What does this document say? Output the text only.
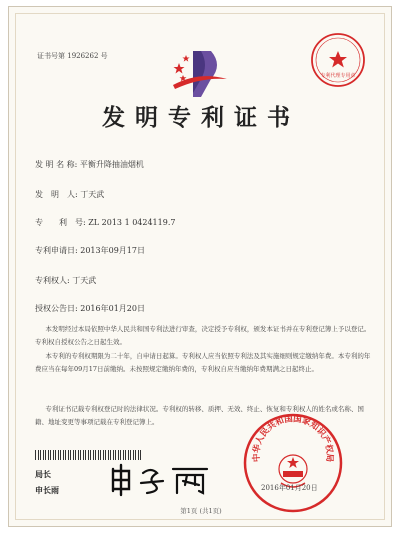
证书号第 1926262 号
专利代理专用章
发明专利证书
发 明 名 称: 平衡升降抽油烟机
发　明　人: 丁天武
专　　利　号: ZL 2013 1 0424119.7
专利申请日: 2013年09月17日
专利权人: 丁天武
授权公告日: 2016年01月20日
本发明经过本局依照中华人民共和国专利法进行审查，决定授予专利权，颁发本证书并在专利登记簿上予以登记。专利权自授权公告之日起生效。
本专利的专利权期限为二十年，自申请日起算。专利权人应当依照专利法及其实施细则规定缴纳年费。本专利的年费应当在每年09月17日前缴纳。未按照规定缴纳年费的，专利权自应当缴纳年费期满之日起终止。
专利证书记载专利权登记时的法律状况。专利权的转移、质押、无效、终止、恢复和专利权人的姓名或名称、国籍、地址变更等事项记载在专利登记簿上。
局长
申长雨
中华人民共和国国家知识产权局
2016年01月20日
第1页 (共1页)
